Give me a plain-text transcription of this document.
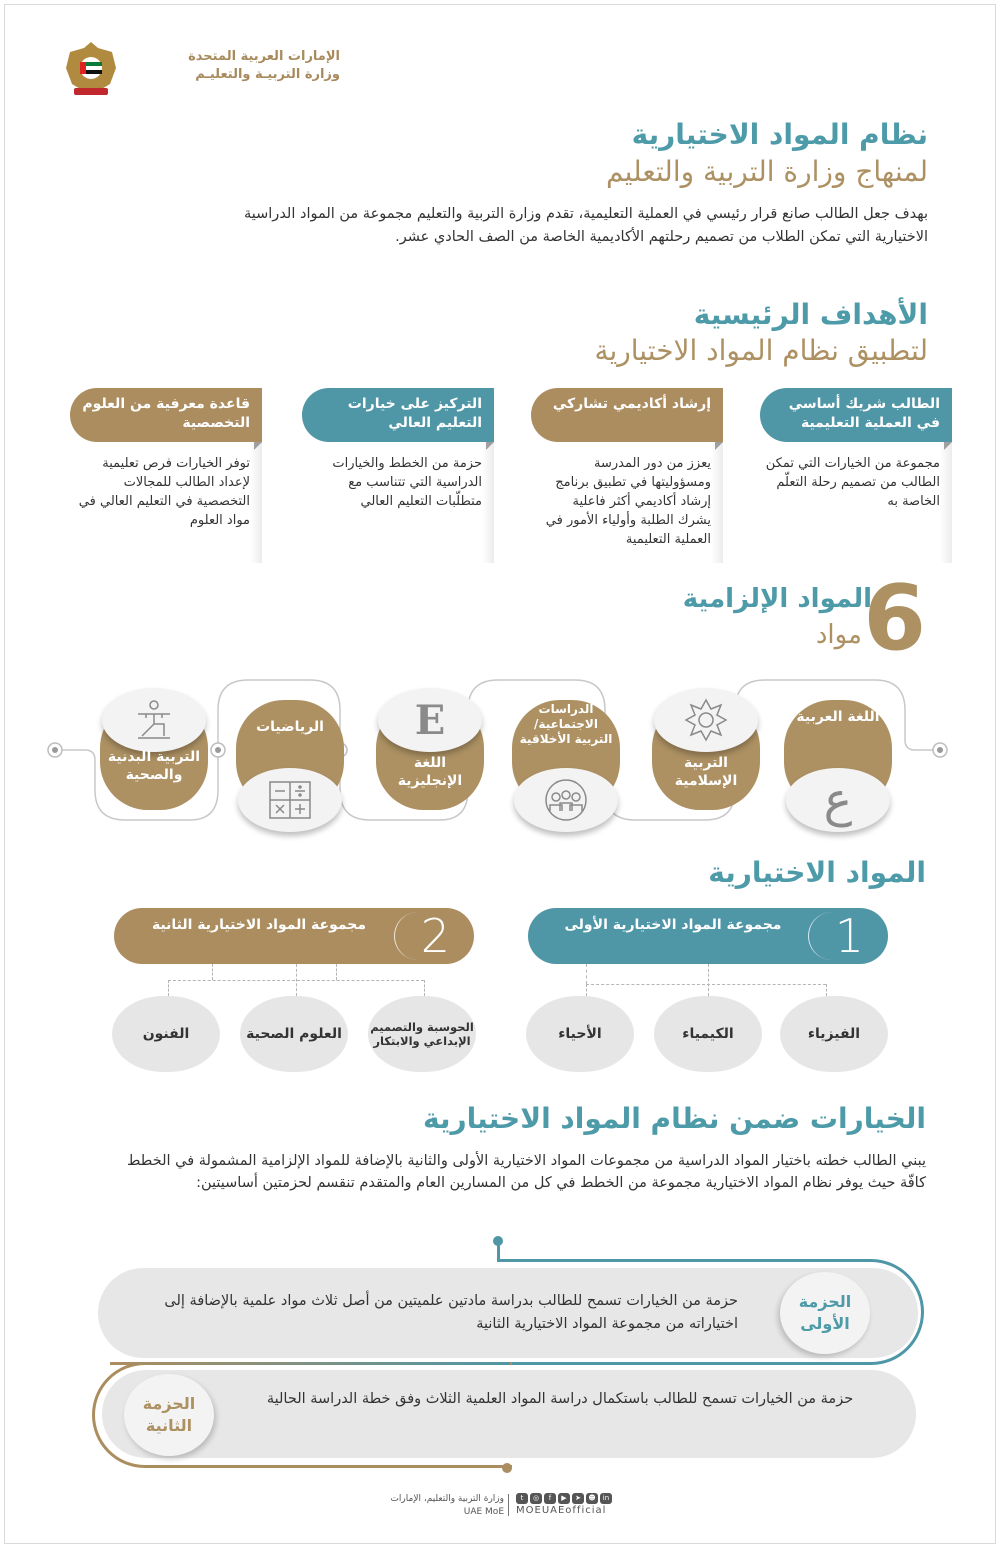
الإمارات العربية المتحدة
وزارة التربيـة والتعليـم
نظام المواد الاختيارية
لمنهاج وزارة التربية والتعليم
بهدف جعل الطالب صانع قرار رئيسي في العملية التعليمية، تقدم وزارة التربية والتعليم مجموعة من المواد الدراسية الاختيارية التي تمكن الطلاب من تصميم رحلتهم الأكاديمية الخاصة من الصف الحادي عشر.
الأهداف الرئيسية
لتطبيق نظام المواد الاختيارية
الطالب شريك أساسي في العملية التعليمية
مجموعة من الخيارات التي تمكن الطالب من تصميم رحلة التعلّم الخاصة به
إرشاد أكاديمي تشاركي
يعزز من دور المدرسة ومسؤوليتها في تطبيق برنامج إرشاد أكاديمي أكثر فاعلية يشرك الطلبة وأولياء الأمور في العملية التعليمية
التركيز على خيارات التعليم العالي
حزمة من الخطط والخيارات الدراسية التي تتناسب مع متطلّبات التعليم العالي
قاعدة معرفية من العلوم التخصصية
توفر الخيارات فرص تعليمية لإعداد الطالب للمجالات التخصصية في التعليم العالي في مواد العلوم
6
المواد الإلزامية
مواد
اللغة العربية
ع
التربية الإسلامية
الدراسات الاجتماعية/ التربية الأخلاقية
E
اللغة الإنجليزية
الرياضيات
التربية البدنية والصحية
المواد الاختيارية
1
مجموعة المواد الاختيارية الأولى
2
مجموعة المواد الاختيارية الثانية
الفيزياء
الكيمياء
الأحياء
الحوسبة والتصميم الإبداعي والابتكار
العلوم الصحية
الفنون
الخيارات ضمن نظام المواد الاختيارية
يبني الطالب خطته باختيار المواد الدراسية من مجموعات المواد الاختيارية الأولى والثانية بالإضافة للمواد الإلزامية المشمولة في الخطط كافّة حيث يوفر نظام المواد الاختيارية مجموعة من الخطط في كل من المسارين العام والمتقدم تنقسم لحزمتين أساسيتين:
الحزمة الأولى
حزمة من الخيارات تسمح للطالب بدراسة مادتين علميتين من أصل ثلاث مواد علمية بالإضافة إلى اختياراته من مجموعة المواد الاختيارية الثانية
الحزمة الثانية
حزمة من الخيارات تسمح للطالب باستكمال دراسة المواد العلمية الثلاث وفق خطة الدراسة الحالية
وزارة التربية والتعليم، الإمارات
UAE MoE
t	◎	f	▶	➤	☻	in
MOEUAEofficial
